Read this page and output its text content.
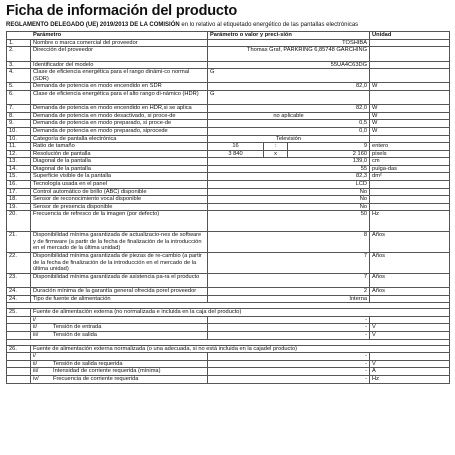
Ficha de información del producto
REGLAMENTO DELEGADO (UE) 2019/2013 DE LA COMISIÓN en lo relativo al etiquetado energético de las pantallas electrónicas
Parámetro		Parámetro o valor y preci-sión			Unidad
1.	Nombre o marca comercial del proveedor	TOSHIBA			
2.	Dirección del proveedor	Thomas Graf, PARKRING 6,85748 GARCHING			
3.	Identificador del modelo	55UA4C63DG			
4.	Clase de eficiencia energética para el rango dinámi-co normal (SDR)	G			
5.	Demanda de potencia en modo encendido en SDR	82,0			W
6.	Clase de eficiencia energética para el alto rango di-námico (HDR)	G			
7.	Demanda de potencia en modo encendido en HDR,si se aplica	82,0			W
8.	Demanda de potencia en modo desactivado, si proce-de	no aplicable			W
9.	Demanda de potencia en modo preparado, si proce-de	0,5			W
10.	Demanda de potencia en modo preparado, siprocede	0,0			W
10.	Categoría de pantalla electrónica	Televisión			
11.	Ratio de tamaño	16	:	9	entero
12.	Resolución de pantalla	3 840	x	2 160	pixels
13.	Diagonal de la pantalla	139,0			cm
14.	Diagonal de la pantalla	55			pulga-das
15.	Superficie visible de la pantalla	82,3			dm²
16.	Tecnología usada en el panel	LCD			
17.	Control automático de brillo (ABC) disponible	No			
18.	Sensor de reconocimiento vocal disponible	No			
19.	Sensor de presencia disponible	No			
20.	Frecuencia de refresco de la imagen (por defecto)	50			Hz
21.	Disponibilidad mínima garantizada de actualizacio-nes de software y de firmware (a partir de la fecha de finalización de la introducción en el mercado de la última unidad)	8			Años
22.	Disponibilidad mínima garantizada de piezas de re-cambio (a partir de la fecha de finalización de la introducción en el mercado de la última unidad)	7			Años
23.	Disponibilidad mínima garantizada de asistencia pa-ra el producto	7			Años
24.	Duración mínima de la garantía general ofrecida porel proveedor	2			Años
24.	Tipo de fuente de alimentación	Interna			

25.	Fuente de alimentación externa (no normalizada e incluida en la caja del producto)				
	i/	-			
	ii/ Tensión de entrada	-			V
	iii/ Tensión de salida	-			V

26.	Fuente de alimentación externa normalizada (o una adecuada, si no está incluida en la cajadel producto)				
	i/	-			
	ii/ Tensión de salida requerida	-			V
	iii/ Intensidad de corriente requerida (mínima)	-			A
	iv/ Frecuencia de corriente requerida	-			Hz
